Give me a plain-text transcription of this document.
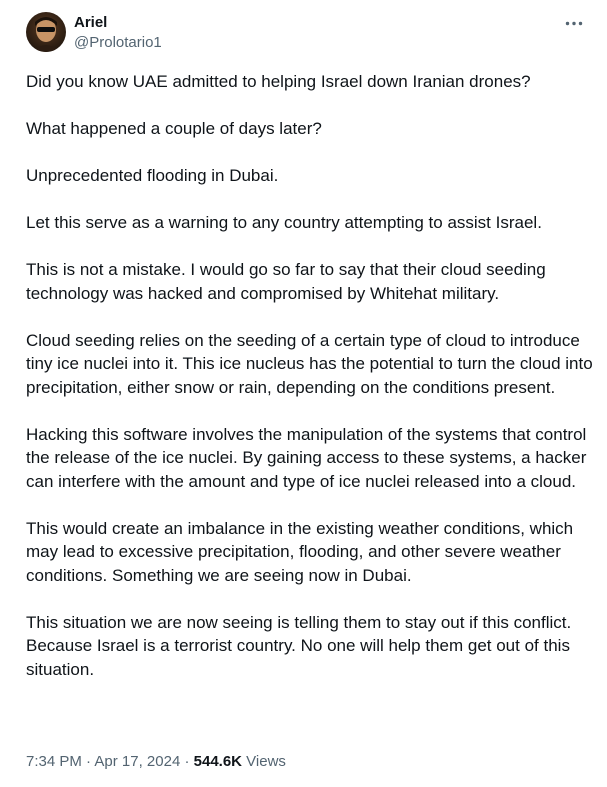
Ariel
@Prolotario1

Did you know UAE admitted to helping Israel down Iranian drones?

What happened a couple of days later?

Unprecedented flooding in Dubai.

Let this serve as a warning to any country attempting to assist Israel.

This is not a mistake. I would go so far to say that their cloud seeding technology was hacked and compromised by Whitehat military.

Cloud seeding relies on the seeding of a certain type of cloud to introduce tiny ice nuclei into it. This ice nucleus has the potential to turn the cloud into precipitation, either snow or rain, depending on the conditions present.

Hacking this software involves the manipulation of the systems that control the release of the ice nuclei. By gaining access to these systems, a hacker can interfere with the amount and type of ice nuclei released into a cloud.

This would create an imbalance in the existing weather conditions, which may lead to excessive precipitation, flooding, and other severe weather conditions. Something we are seeing now in Dubai.

This situation we are now seeing is telling them to stay out if this conflict. Because Israel is a terrorist country. No one will help them get out of this situation.

7:34 PM · Apr 17, 2024 · 544.6K Views
